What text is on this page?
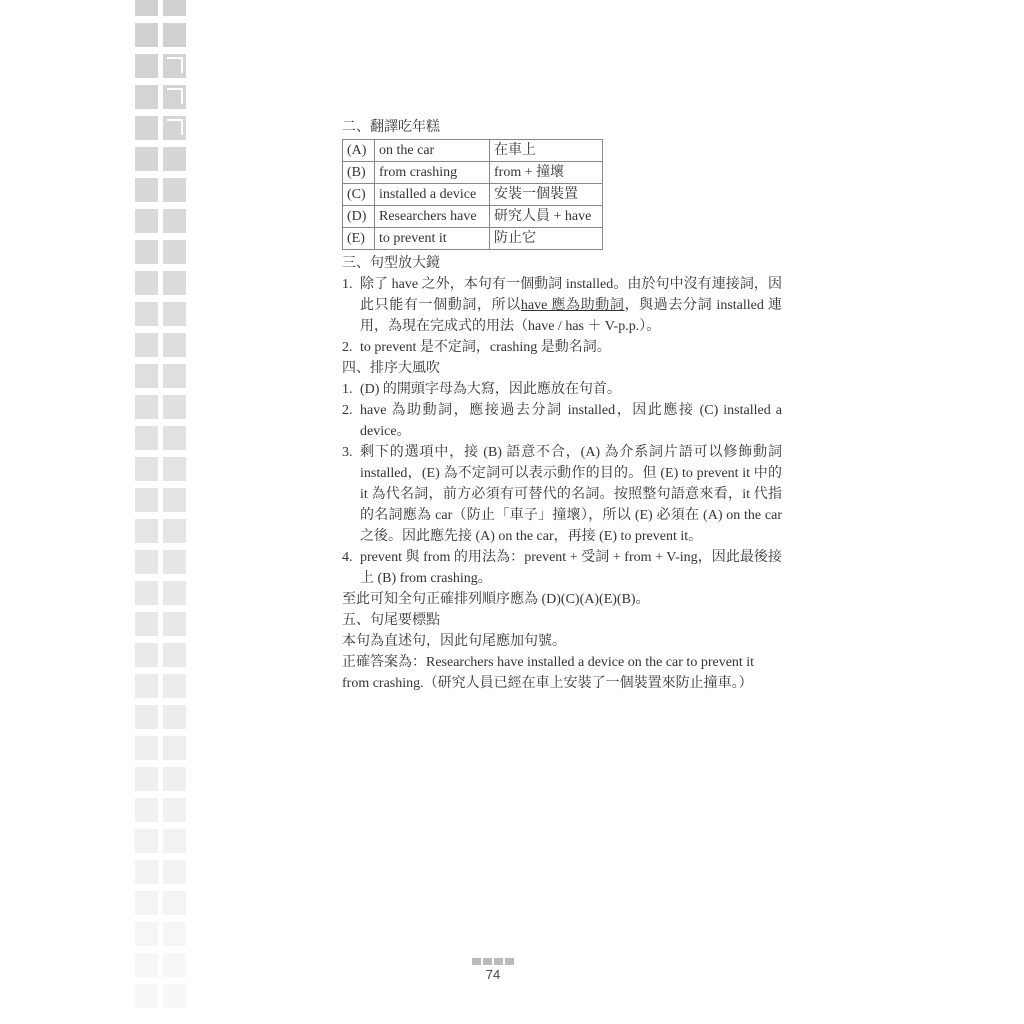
二、翻譯吃年糕

(A)	on the car	在車上
(B)	from crashing	from + 撞壞
(C)	installed a device	安裝一個裝置
(D)	Researchers have	研究人員 + have
(E)	to prevent it	防止它

三、句型放大鏡

1. 除了 have 之外，本句有一個動詞 installed。由於句中沒有連接詞，因此只能有一個動詞，所以have 應為助動詞，與過去分詞 installed 連用，為現在完成式的用法（have / has ＋ V-p.p.）。
2. to prevent 是不定詞，crashing 是動名詞。

四、排序大風吹

1. (D) 的開頭字母為大寫，因此應放在句首。
2. have 為助動詞，應接過去分詞 installed，因此應接 (C) installed a device。
3. 剩下的選項中，接 (B) 語意不合，(A) 為介系詞片語可以修飾動詞 installed，(E) 為不定詞可以表示動作的目的。但 (E) to prevent it 中的 it 為代名詞，前方必須有可替代的名詞。按照整句語意來看，it 代指的名詞應為 car（防止「車子」撞壞），所以 (E) 必須在 (A) on the car 之後。因此應先接 (A) on the car，再接 (E) to prevent it。
4. prevent 與 from 的用法為：prevent + 受詞 + from + V-ing，因此最後接上 (B) from crashing。

至此可知全句正確排列順序應為 (D)(C)(A)(E)(B)。

五、句尾要標點

本句為直述句，因此句尾應加句號。

正確答案為：Researchers have installed a device on the car to prevent it from crashing.（研究人員已經在車上安裝了一個裝置來防止撞車。）

74
